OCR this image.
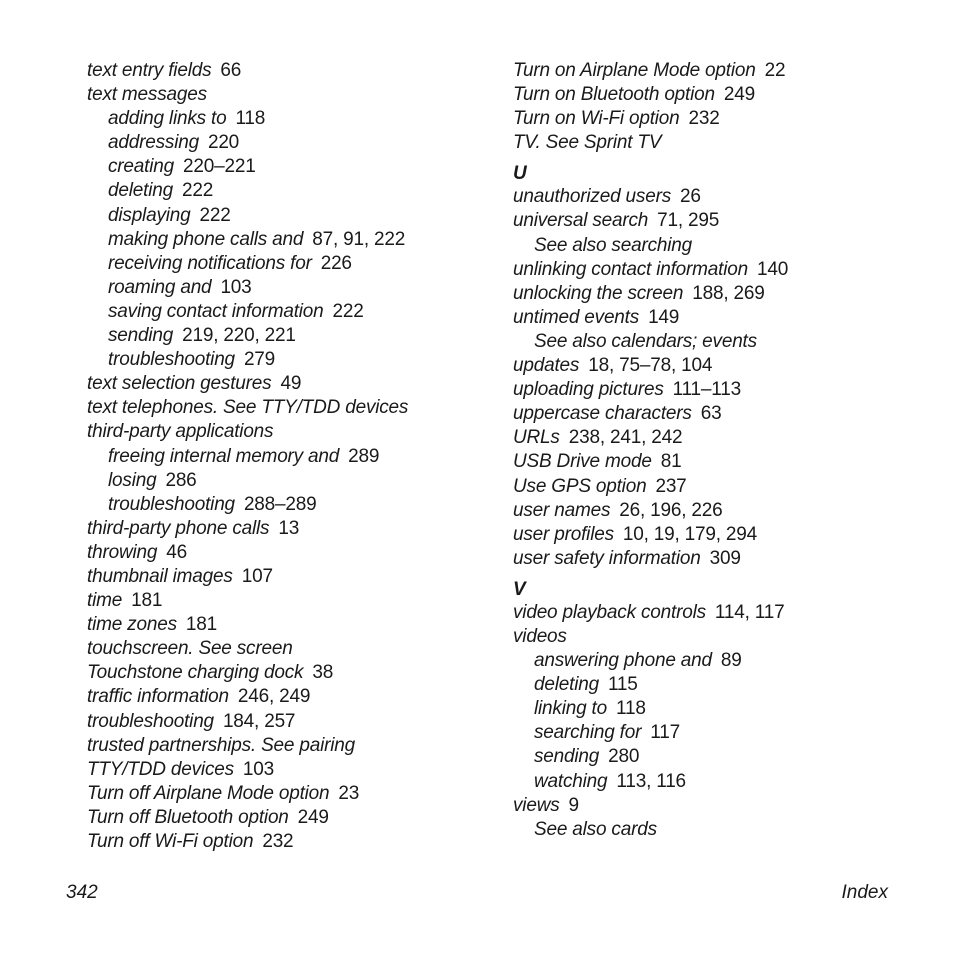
text entry fields 66
text messages
adding links to 118
addressing 220
creating 220–221
deleting 222
displaying 222
making phone calls and 87, 91, 222
receiving notifications for 226
roaming and 103
saving contact information 222
sending 219, 220, 221
troubleshooting 279
text selection gestures 49
text telephones. See TTY/TDD devices
third-party applications
freeing internal memory and 289
losing 286
troubleshooting 288–289
third-party phone calls 13
throwing 46
thumbnail images 107
time 181
time zones 181
touchscreen. See screen
Touchstone charging dock 38
traffic information 246, 249
troubleshooting 184, 257
trusted partnerships. See pairing
TTY/TDD devices 103
Turn off Airplane Mode option 23
Turn off Bluetooth option 249
Turn off Wi-Fi option 232
Turn on Airplane Mode option 22
Turn on Bluetooth option 249
Turn on Wi-Fi option 232
TV. See Sprint TV
U
unauthorized users 26
universal search 71, 295
See also searching
unlinking contact information 140
unlocking the screen 188, 269
untimed events 149
See also calendars; events
updates 18, 75–78, 104
uploading pictures 111–113
uppercase characters 63
URLs 238, 241, 242
USB Drive mode 81
Use GPS option 237
user names 26, 196, 226
user profiles 10, 19, 179, 294
user safety information 309
V
video playback controls 114, 117
videos
answering phone and 89
deleting 115
linking to 118
searching for 117
sending 280
watching 113, 116
views 9
See also cards
342	Index
